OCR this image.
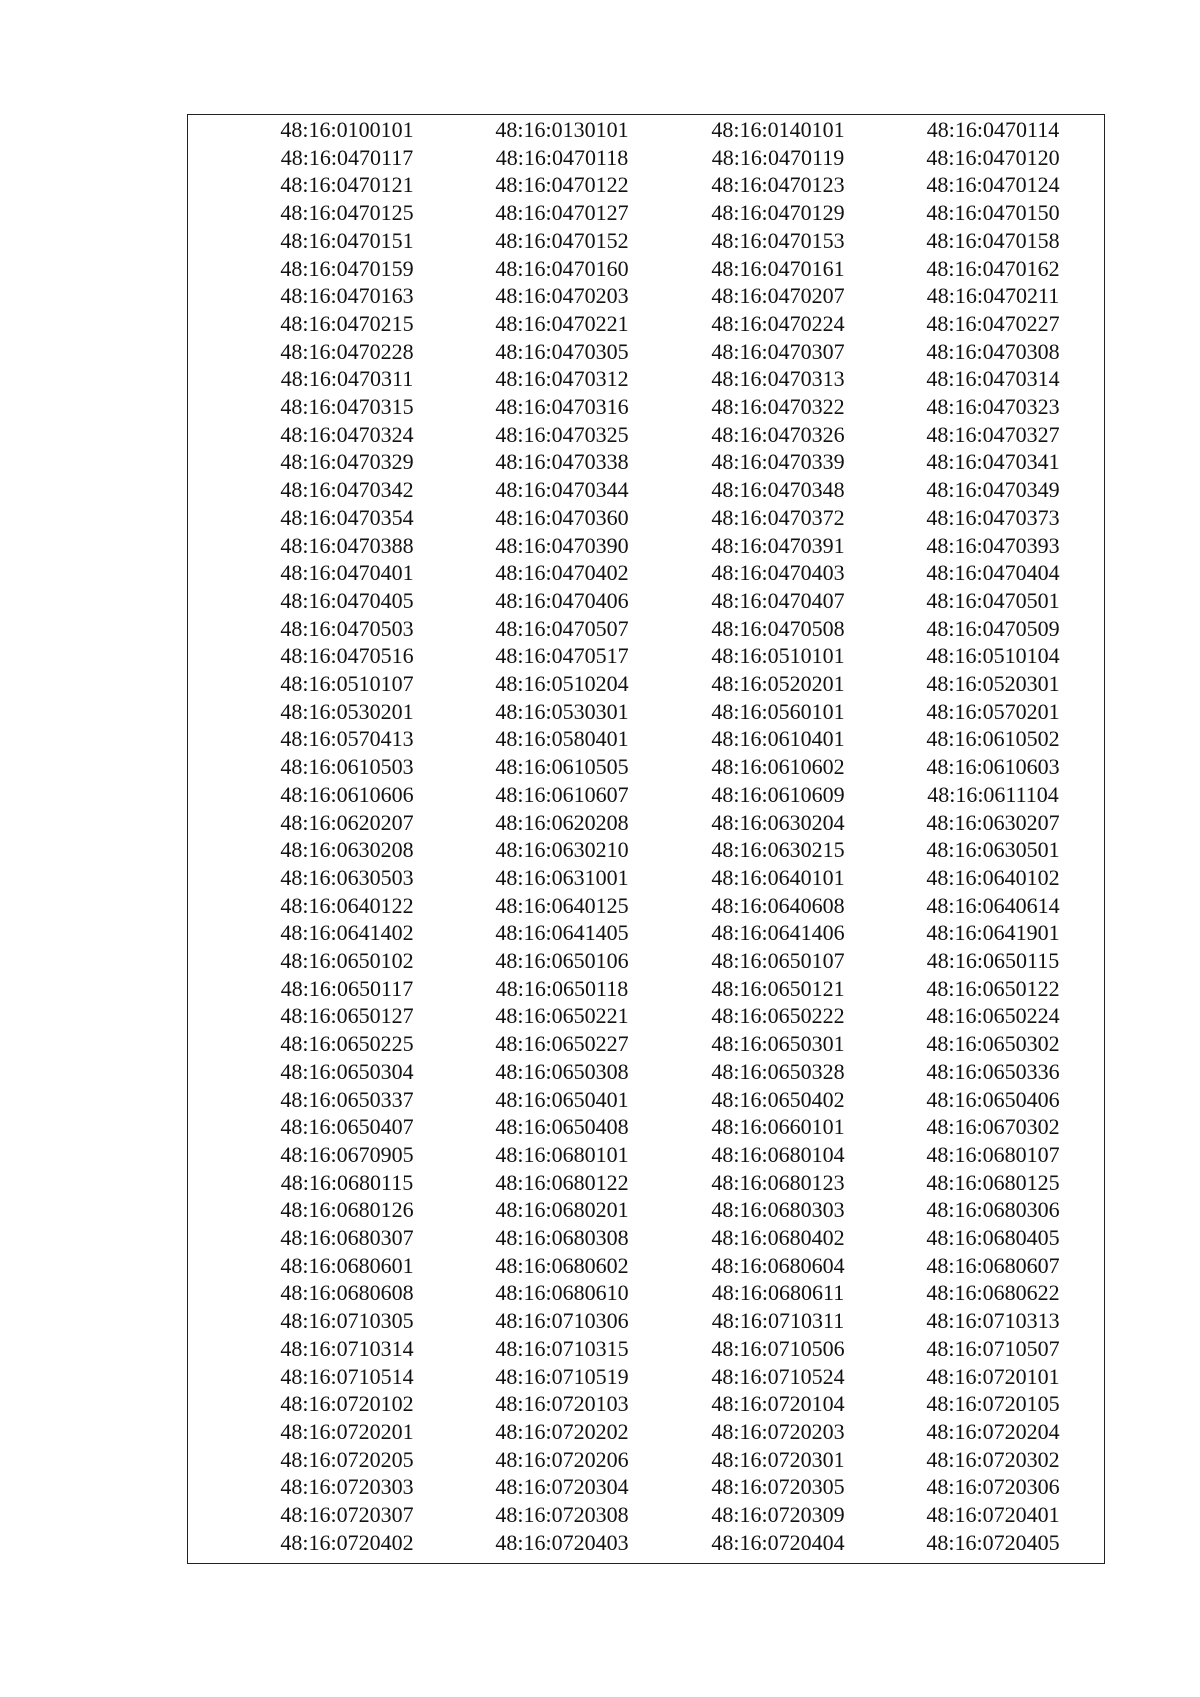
48:16:0100101	48:16:0130101	48:16:0140101	48:16:0470114
48:16:0470117	48:16:0470118	48:16:0470119	48:16:0470120
48:16:0470121	48:16:0470122	48:16:0470123	48:16:0470124
48:16:0470125	48:16:0470127	48:16:0470129	48:16:0470150
48:16:0470151	48:16:0470152	48:16:0470153	48:16:0470158
48:16:0470159	48:16:0470160	48:16:0470161	48:16:0470162
48:16:0470163	48:16:0470203	48:16:0470207	48:16:0470211
48:16:0470215	48:16:0470221	48:16:0470224	48:16:0470227
48:16:0470228	48:16:0470305	48:16:0470307	48:16:0470308
48:16:0470311	48:16:0470312	48:16:0470313	48:16:0470314
48:16:0470315	48:16:0470316	48:16:0470322	48:16:0470323
48:16:0470324	48:16:0470325	48:16:0470326	48:16:0470327
48:16:0470329	48:16:0470338	48:16:0470339	48:16:0470341
48:16:0470342	48:16:0470344	48:16:0470348	48:16:0470349
48:16:0470354	48:16:0470360	48:16:0470372	48:16:0470373
48:16:0470388	48:16:0470390	48:16:0470391	48:16:0470393
48:16:0470401	48:16:0470402	48:16:0470403	48:16:0470404
48:16:0470405	48:16:0470406	48:16:0470407	48:16:0470501
48:16:0470503	48:16:0470507	48:16:0470508	48:16:0470509
48:16:0470516	48:16:0470517	48:16:0510101	48:16:0510104
48:16:0510107	48:16:0510204	48:16:0520201	48:16:0520301
48:16:0530201	48:16:0530301	48:16:0560101	48:16:0570201
48:16:0570413	48:16:0580401	48:16:0610401	48:16:0610502
48:16:0610503	48:16:0610505	48:16:0610602	48:16:0610603
48:16:0610606	48:16:0610607	48:16:0610609	48:16:0611104
48:16:0620207	48:16:0620208	48:16:0630204	48:16:0630207
48:16:0630208	48:16:0630210	48:16:0630215	48:16:0630501
48:16:0630503	48:16:0631001	48:16:0640101	48:16:0640102
48:16:0640122	48:16:0640125	48:16:0640608	48:16:0640614
48:16:0641402	48:16:0641405	48:16:0641406	48:16:0641901
48:16:0650102	48:16:0650106	48:16:0650107	48:16:0650115
48:16:0650117	48:16:0650118	48:16:0650121	48:16:0650122
48:16:0650127	48:16:0650221	48:16:0650222	48:16:0650224
48:16:0650225	48:16:0650227	48:16:0650301	48:16:0650302
48:16:0650304	48:16:0650308	48:16:0650328	48:16:0650336
48:16:0650337	48:16:0650401	48:16:0650402	48:16:0650406
48:16:0650407	48:16:0650408	48:16:0660101	48:16:0670302
48:16:0670905	48:16:0680101	48:16:0680104	48:16:0680107
48:16:0680115	48:16:0680122	48:16:0680123	48:16:0680125
48:16:0680126	48:16:0680201	48:16:0680303	48:16:0680306
48:16:0680307	48:16:0680308	48:16:0680402	48:16:0680405
48:16:0680601	48:16:0680602	48:16:0680604	48:16:0680607
48:16:0680608	48:16:0680610	48:16:0680611	48:16:0680622
48:16:0710305	48:16:0710306	48:16:0710311	48:16:0710313
48:16:0710314	48:16:0710315	48:16:0710506	48:16:0710507
48:16:0710514	48:16:0710519	48:16:0710524	48:16:0720101
48:16:0720102	48:16:0720103	48:16:0720104	48:16:0720105
48:16:0720201	48:16:0720202	48:16:0720203	48:16:0720204
48:16:0720205	48:16:0720206	48:16:0720301	48:16:0720302
48:16:0720303	48:16:0720304	48:16:0720305	48:16:0720306
48:16:0720307	48:16:0720308	48:16:0720309	48:16:0720401
48:16:0720402	48:16:0720403	48:16:0720404	48:16:0720405
